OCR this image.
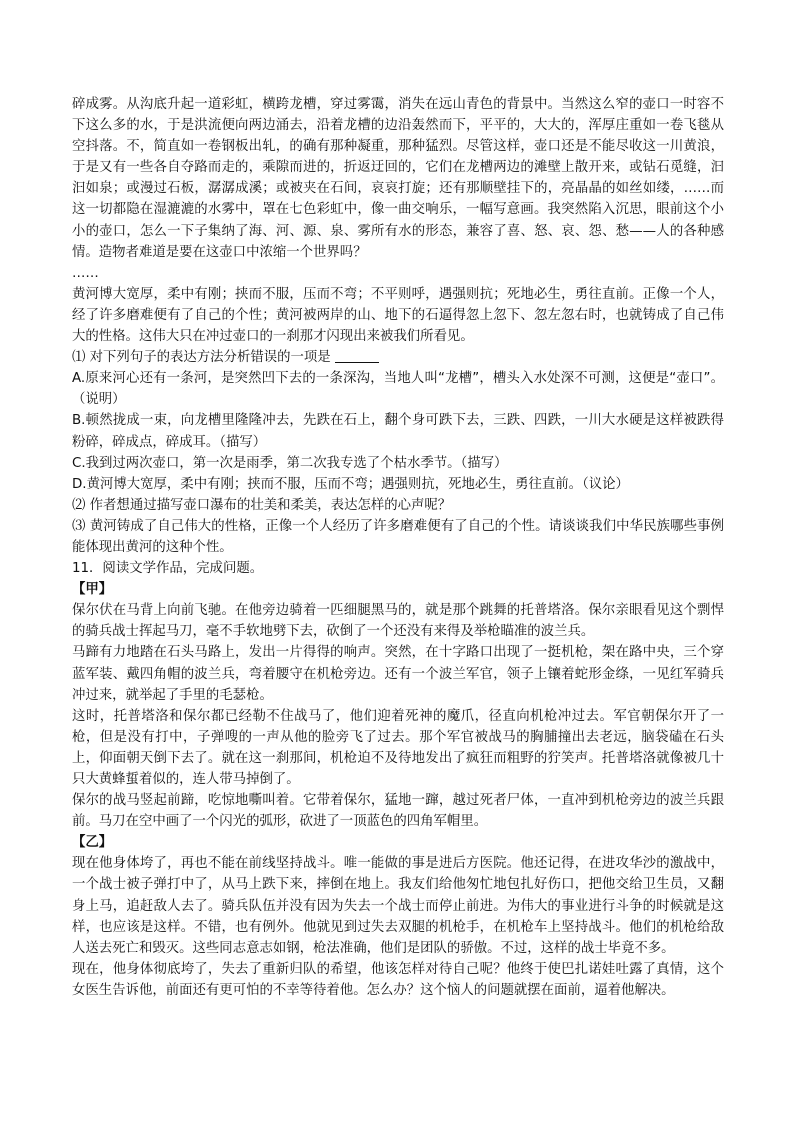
碎成雾。从沟底升起一道彩虹，横跨龙槽，穿过雾霭，消失在远山青色的背景中。当然这么窄的壶口一时容不下这么多的水，于是洪流便向两边涌去，沿着龙槽的边沿轰然而下，平平的，大大的，浑厚庄重如一卷飞毯从空抖落。不，简直如一卷钢板出轧，的确有那种凝重，那种猛烈。尽管这样，壶口还是不能尽收这一川黄浪，于是又有一些各自夺路而走的，乘隙而进的，折返迂回的，它们在龙槽两边的滩壁上散开来，或钻石觅缝，汩汩如泉；或漫过石板，潺潺成溪；或被夹在石间，哀哀打旋；还有那顺壁挂下的，亮晶晶的如丝如缕，……而这一切都隐在湿漉漉的水雾中，罩在七色彩虹中，像一曲交响乐，一幅写意画。我突然陷入沉思，眼前这个小小的壶口，怎么一下子集纳了海、河、源、泉、雾所有水的形态，兼容了喜、怒、哀、怨、愁——人的各种感情。造物者难道是要在这壶口中浓缩一个世界吗？

……

黄河博大宽厚，柔中有刚；挟而不服，压而不弯；不平则呼，遇强则抗；死地必生，勇往直前。正像一个人，经了许多磨难便有了自己的个性；黄河被两岸的山、地下的石逼得忽上忽下、忽左忽右时，也就铸成了自己伟大的性格。这伟大只在冲过壶口的一刹那才闪现出来被我们所看见。

⑴ 对下列句子的表达方法分析错误的一项是

A.原来河心还有一条河，是突然凹下去的一条深沟，当地人叫“龙槽”，槽头入水处深不可测，这便是“壶口”。（说明）

B.顿然拢成一束，向龙槽里隆隆冲去，先跌在石上，翻个身可跌下去，三跌、四跌，一川大水硬是这样被跌得粉碎，碎成点，碎成耳。（描写）

C.我到过两次壶口，第一次是雨季，第二次我专选了个枯水季节。（描写）

D.黄河博大宽厚，柔中有刚；挟而不服，压而不弯；遇强则抗，死地必生，勇往直前。（议论）

⑵ 作者想通过描写壶口瀑布的壮美和柔美，表达怎样的心声呢？

⑶ 黄河铸成了自己伟大的性格，正像一个人经历了许多磨难便有了自己的个性。请谈谈我们中华民族哪些事例能体现出黄河的这种个性。

11．阅读文学作品，完成问题。

【甲】

保尔伏在马背上向前飞驰。在他旁边骑着一匹细腿黑马的，就是那个跳舞的托普塔洛。保尔亲眼看见这个剽悍的骑兵战士挥起马刀，毫不手软地劈下去，砍倒了一个还没有来得及举枪瞄准的波兰兵。

马蹄有力地踏在石头马路上，发出一片得得的响声。突然，在十字路口出现了一挺机枪，架在路中央，三个穿蓝军装、戴四角帽的波兰兵，弯着腰守在机枪旁边。还有一个波兰军官，领子上镶着蛇形金绦，一见红军骑兵冲过来，就举起了手里的毛瑟枪。

这时，托普塔洛和保尔都已经勒不住战马了，他们迎着死神的魔爪，径直向机枪冲过去。军官朝保尔开了一枪，但是没有打中，子弹嗖的一声从他的脸旁飞了过去。那个军官被战马的胸脯撞出去老远，脑袋磕在石头上，仰面朝天倒下去了。就在这一刹那间，机枪迫不及待地发出了疯狂而粗野的狞笑声。托普塔洛就像被几十只大黄蜂蜇着似的，连人带马掉倒了。

保尔的战马竖起前蹄，吃惊地嘶叫着。它带着保尔，猛地一蹿，越过死者尸体，一直冲到机枪旁边的波兰兵跟前。马刀在空中画了一个闪光的弧形，砍进了一顶蓝色的四角军帽里。

【乙】

现在他身体垮了，再也不能在前线坚持战斗。唯一能做的事是进后方医院。他还记得，在进攻华沙的激战中，一个战士被子弹打中了，从马上跌下来，摔倒在地上。我友们给他匆忙地包扎好伤口，把他交给卫生员，又翻身上马，追赶敌人去了。骑兵队伍并没有因为失去一个战士而停止前进。为伟大的事业进行斗争的时候就是这样，也应该是这样。不错，也有例外。他就见到过失去双腿的机枪手，在机枪车上坚持战斗。他们的机枪给敌人送去死亡和毁灭。这些同志意志如钢，枪法准确，他们是团队的骄傲。不过，这样的战士毕竟不多。

现在，他身体彻底垮了，失去了重新归队的希望，他该怎样对待自己呢？他终于使巴扎诺娃吐露了真情，这个女医生告诉他，前面还有更可怕的不幸等待着他。怎么办？这个恼人的问题就摆在面前，逼着他解决。
